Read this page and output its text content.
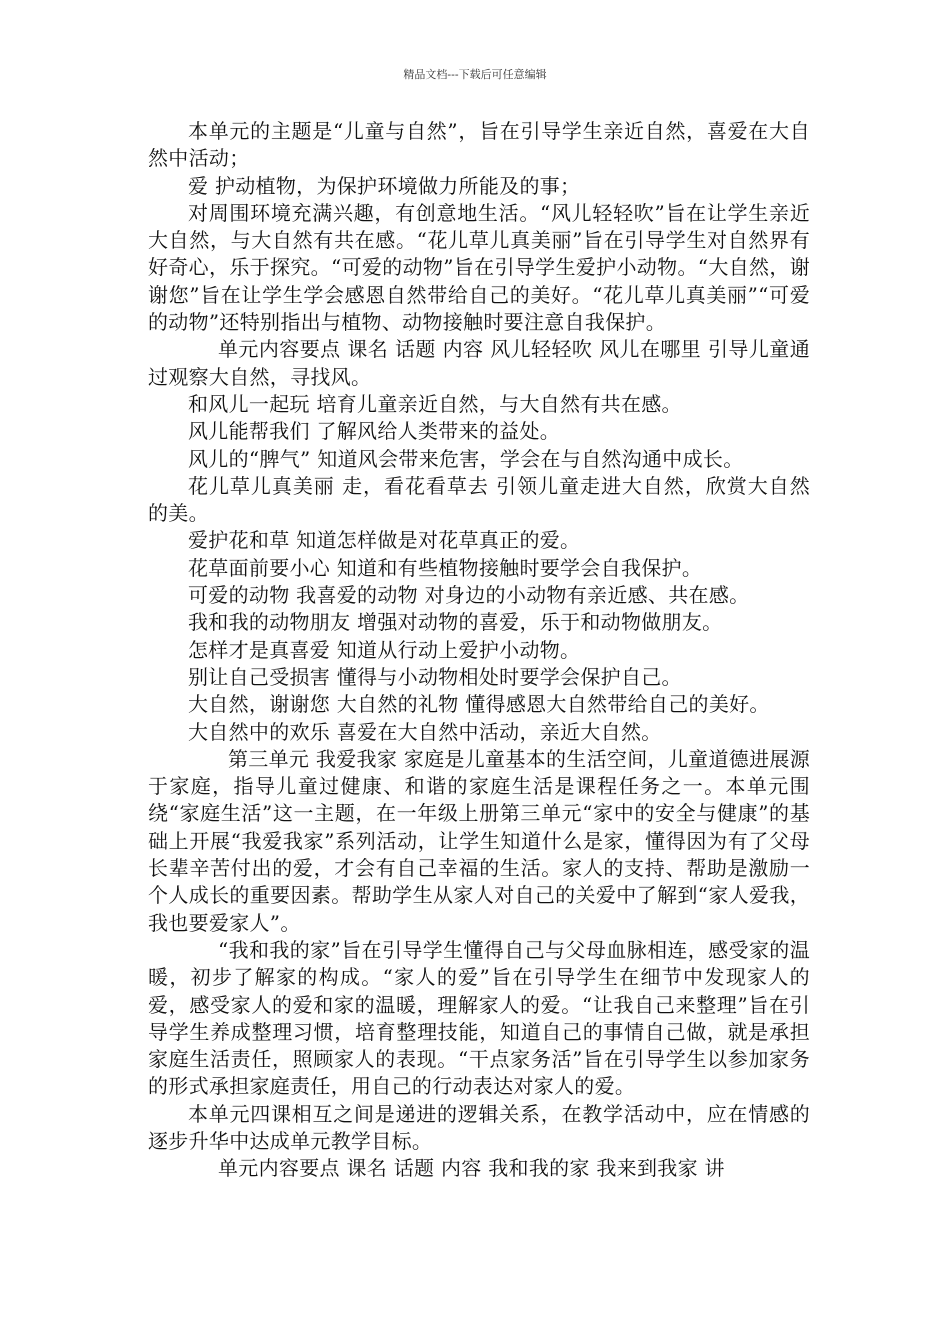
精品文档---下载后可任意编辑

本单元的主题是“儿童与自然”，旨在引导学生亲近自然，喜爱在大自然中活动；

爱 护动植物，为保护环境做力所能及的事；

对周围环境充满兴趣，有创意地生活。“风儿轻轻吹”旨在让学生亲近大自然，与大自然有共在感。“花儿草儿真美丽”旨在引导学生对自然界有好奇心，乐于探究。“可爱的动物”旨在引导学生爱护小动物。“大自然，谢谢您”旨在让学生学会感恩自然带给自己的美好。“花儿草儿真美丽”“可爱的动物”还特别指出与植物、动物接触时要注意自我保护。

单元内容要点 课名 话题 内容 风儿轻轻吹 风儿在哪里 引导儿童通过观察大自然，寻找风。

和风儿一起玩 培育儿童亲近自然，与大自然有共在感。

风儿能帮我们 了解风给人类带来的益处。

风儿的“脾气” 知道风会带来危害，学会在与自然沟通中成长。

花儿草儿真美丽 走，看花看草去 引领儿童走进大自然，欣赏大自然的美。

爱护花和草 知道怎样做是对花草真正的爱。

花草面前要小心 知道和有些植物接触时要学会自我保护。

可爱的动物 我喜爱的动物 对身边的小动物有亲近感、共在感。

我和我的动物朋友 增强对动物的喜爱，乐于和动物做朋友。

怎样才是真喜爱 知道从行动上爱护小动物。

别让自己受损害 懂得与小动物相处时要学会保护自己。

大自然，谢谢您 大自然的礼物 懂得感恩大自然带给自己的美好。

大自然中的欢乐 喜爱在大自然中活动，亲近大自然。

第三单元 我爱我家 家庭是儿童基本的生活空间，儿童道德进展源于家庭，指导儿童过健康、和谐的家庭生活是课程任务之一。本单元围绕“家庭生活”这一主题，在一年级上册第三单元“家中的安全与健康”的基础上开展“我爱我家”系列活动，让学生知道什么是家，懂得因为有了父母长辈辛苦付出的爱，才会有自己幸福的生活。家人的支持、帮助是激励一个人成长的重要因素。帮助学生从家人对自己的关爱中了解到“家人爱我，我也要爱家人”。

“我和我的家”旨在引导学生懂得自己与父母血脉相连，感受家的温暖，初步了解家的构成。“家人的爱”旨在引导学生在细节中发现家人的爱，感受家人的爱和家的温暖，理解家人的爱。“让我自己来整理”旨在引导学生养成整理习惯，培育整理技能，知道自己的事情自己做，就是承担家庭生活责任，照顾家人的表现。“干点家务活”旨在引导学生以参加家务的形式承担家庭责任，用自己的行动表达对家人的爱。

本单元四课相互之间是递进的逻辑关系，在教学活动中，应在情感的逐步升华中达成单元教学目标。

单元内容要点 课名 话题 内容 我和我的家 我来到我家 讲
